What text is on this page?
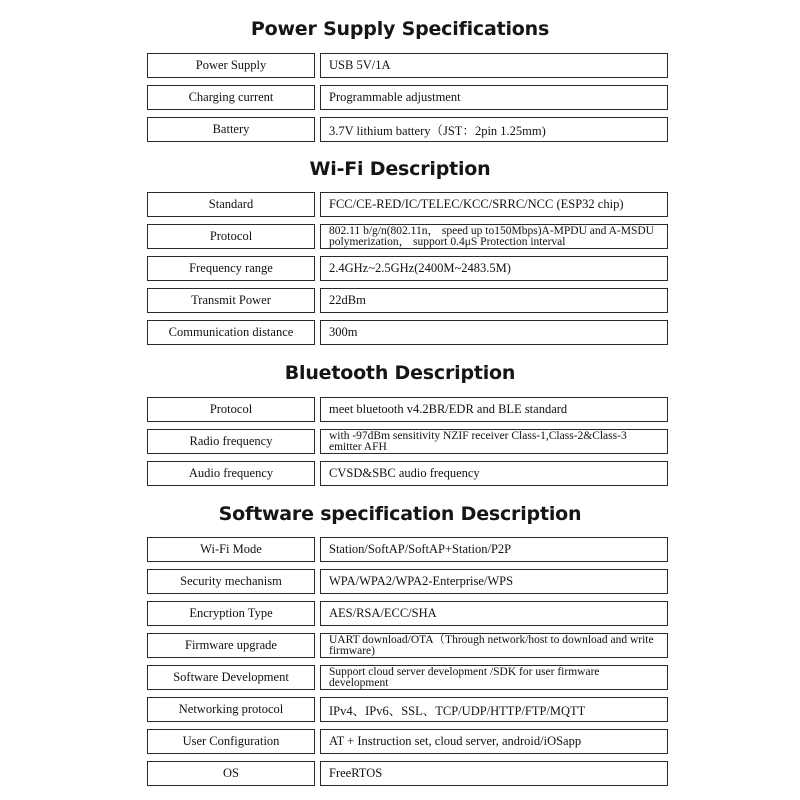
Power Supply Specifications
Power Supply	USB 5V/1A
Charging current	Programmable adjustment
Battery	3.7V lithium battery（JST：2pin 1.25mm)
Wi-Fi Description
Standard	FCC/CE-RED/IC/TELEC/KCC/SRRC/NCC (ESP32 chip)
Protocol	802.11 b/g/n(802.11n， speed up to150Mbps)A-MPDU and A-MSDU polymerization， support 0.4μS Protection interval
Frequency range	2.4GHz~2.5GHz(2400M~2483.5M)
Transmit Power	22dBm
Communication distance	300m
Bluetooth Description
Protocol	meet bluetooth v4.2BR/EDR and BLE standard
Radio frequency	with -97dBm sensitivity NZIF receiver Class-1,Class-2&Class-3 emitter AFH
Audio frequency	CVSD&SBC audio frequency
Software specification Description
Wi-Fi Mode	Station/SoftAP/SoftAP+Station/P2P
Security mechanism	WPA/WPA2/WPA2-Enterprise/WPS
Encryption Type	AES/RSA/ECC/SHA
Firmware upgrade	UART download/OTA（Through network/host to download and write firmware)
Software Development	Support cloud server development /SDK for user firmware development
Networking protocol	IPv4、IPv6、SSL、TCP/UDP/HTTP/FTP/MQTT
User Configuration	AT + Instruction set, cloud server, android/iOSapp
OS	FreeRTOS
